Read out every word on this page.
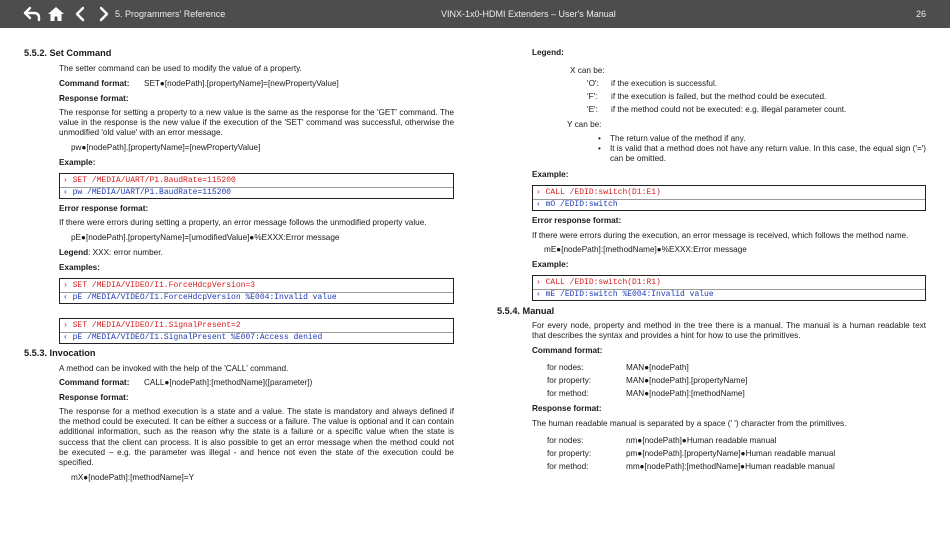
5. Programmers' Reference	VINX-1x0-HDMI Extenders – User's Manual	26
5.5.2. Set Command
The setter command can be used to modify the value of a property.
Command format: SET●[nodePath].[propertyName]=[newPropertyValue]
Response format:
The response for setting a property to a new value is the same as the response for the 'GET' command. The value in the response is the new value if the execution of the 'SET' command was successful, otherwise the unmodified 'old value' with an error message.
pw●[nodePath].[propertyName]=[newPropertyValue]
Example:
› SET /MEDIA/UART/P1.BaudRate=115200
‹ pw /MEDIA/UART/P1.BaudRate=115200
Error response format:
If there were errors during setting a property, an error message follows the unmodified property value.
pE●[nodePath].[propertyName]=[umodifiedValue]●%EXXX:Error message
Legend: XXX: error number.
Examples:
› SET /MEDIA/VIDEO/I1.ForceHdcpVersion=3
‹ pE /MEDIA/VIDEO/I1.ForceHdcpVersion %E004:Invalid value
› SET /MEDIA/VIDEO/I1.SignalPresent=2
‹ pE /MEDIA/VIDEO/I1.SignalPresent %E007:Access denied
5.5.3. Invocation
A method can be invoked with the help of the 'CALL' command.
Command format: CALL●[nodePath]:[methodName]([parameter])
Response format:
The response for a method execution is a state and a value. The state is mandatory and always defined if the method could be executed. It can be either a success or a failure. The value is optional and it can contain additional information, such as the reason why the state is a failure or a specific value when the state is success that the client can process. It is also possible to get an error message when the method could not be executed – e.g. the parameter was illegal - and hence not even the state of the execution could be specified.
mX●[nodePath]:[methodName]=Y
Legend:
X can be:
'O': if the execution is successful.
'F': if the execution is failed, but the method could be executed.
'E': if the method could not be executed: e.g. illegal parameter count.
Y can be:
• The return value of the method if any.
• It is valid that a method does not have any return value. In this case, the equal sign ('=') can be omitted.
Example:
› CALL /EDID:switch(D1:E1)
‹ mO /EDID:switch
Error response format:
If there were errors during the execution, an error message is received, which follows the method name.
mE●[nodePath]:[methodName]●%EXXX:Error message
Example:
› CALL /EDID:switch(D1:R1)
‹ mE /EDID:switch %E004:Invalid value
5.5.4. Manual
For every node, property and method in the tree there is a manual. The manual is a human readable text that describes the syntax and provides a hint for how to use the primitives.
Command format:
for nodes:	MAN●[nodePath]
for property:	MAN●[nodePath].[propertyName]
for method:	MAN●[nodePath]:[methodName]
Response format:
The human readable manual is separated by a space (' ') character from the primitives.
for nodes:	nm●[nodePath]●Human readable manual
for property:	pm●[nodePath].[propertyName]●Human readable manual
for method:	mm●[nodePath]:[methodName]●Human readable manual
